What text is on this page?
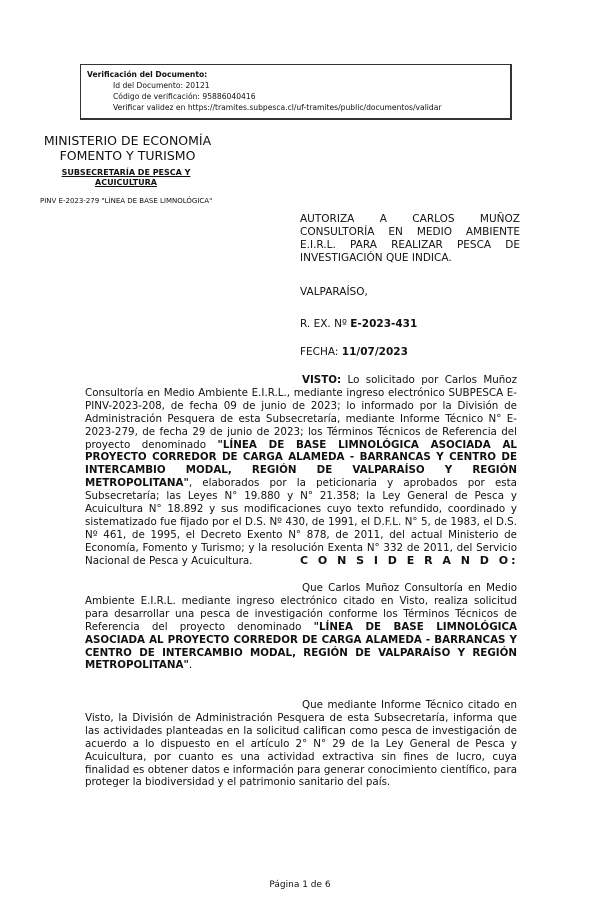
Verificación del Documento:
• Id del Documento: 20121
• Código de verificación: 95886040416
• Verificar validez en https://tramites.subpesca.cl/uf-tramites/public/documentos/validar
MINISTERIO DE ECONOMÍA
FOMENTO Y TURISMO
SUBSECRETARÍA DE PESCA Y
ACUICULTURA
PINV E-2023-279 "LÍNEA DE BASE LIMNOLÓGICA"
AUTORIZA A CARLOS MUÑOZ CONSULTORÍA EN MEDIO AMBIENTE E.I.R.L. PARA REALIZAR PESCA DE INVESTIGACIÓN QUE INDICA.
VALPARAÍSO,
R. EX. Nº E-2023-431
FECHA: 11/07/2023
VISTO: Lo solicitado por Carlos Muñoz Consultoría en Medio Ambiente E.I.R.L., mediante ingreso electrónico SUBPESCA E-PINV-2023-208, de fecha 09 de junio de 2023; lo informado por la División de Administración Pesquera de esta Subsecretaría, mediante Informe Técnico N° E-2023-279, de fecha 29 de junio de 2023; los Términos Técnicos de Referencia del proyecto denominado "LÍNEA DE BASE LIMNOLÓGICA ASOCIADA AL PROYECTO CORREDOR DE CARGA ALAMEDA - BARRANCAS Y CENTRO DE INTERCAMBIO MODAL, REGIÓN DE VALPARAÍSO Y REGIÓN METROPOLITANA", elaborados por la peticionaria y aprobados por esta Subsecretaría; las Leyes N° 19.880 y N° 21.358; la Ley General de Pesca y Acuicultura N° 18.892 y sus modificaciones cuyo texto refundido, coordinado y sistematizado fue fijado por el D.S. Nº 430, de 1991, el D.F.L. N° 5, de 1983, el D.S. Nº 461, de 1995, el Decreto Exento N° 878, de 2011, del actual Ministerio de Economía, Fomento y Turismo; y la resolución Exenta N° 332 de 2011, del Servicio Nacional de Pesca y Acuicultura.	C O N S I D E R A N D O:
Que Carlos Muñoz Consultoría en Medio Ambiente E.I.R.L. mediante ingreso electrónico citado en Visto, realiza solicitud para desarrollar una pesca de investigación conforme los Términos Técnicos de Referencia del proyecto denominado "LÍNEA DE BASE LIMNOLÓGICA ASOCIADA AL PROYECTO CORREDOR DE CARGA ALAMEDA - BARRANCAS Y CENTRO DE INTERCAMBIO MODAL, REGIÓN DE VALPARAÍSO Y REGIÓN METROPOLITANA".
Que mediante Informe Técnico citado en Visto, la División de Administración Pesquera de esta Subsecretaría, informa que las actividades planteadas en la solicitud califican como pesca de investigación de acuerdo a lo dispuesto en el artículo 2° N° 29 de la Ley General de Pesca y Acuicultura, por cuanto es una actividad extractiva sin fines de lucro, cuya finalidad es obtener datos e información para generar conocimiento científico, para proteger la biodiversidad y el patrimonio sanitario del país.
Página 1 de 6
